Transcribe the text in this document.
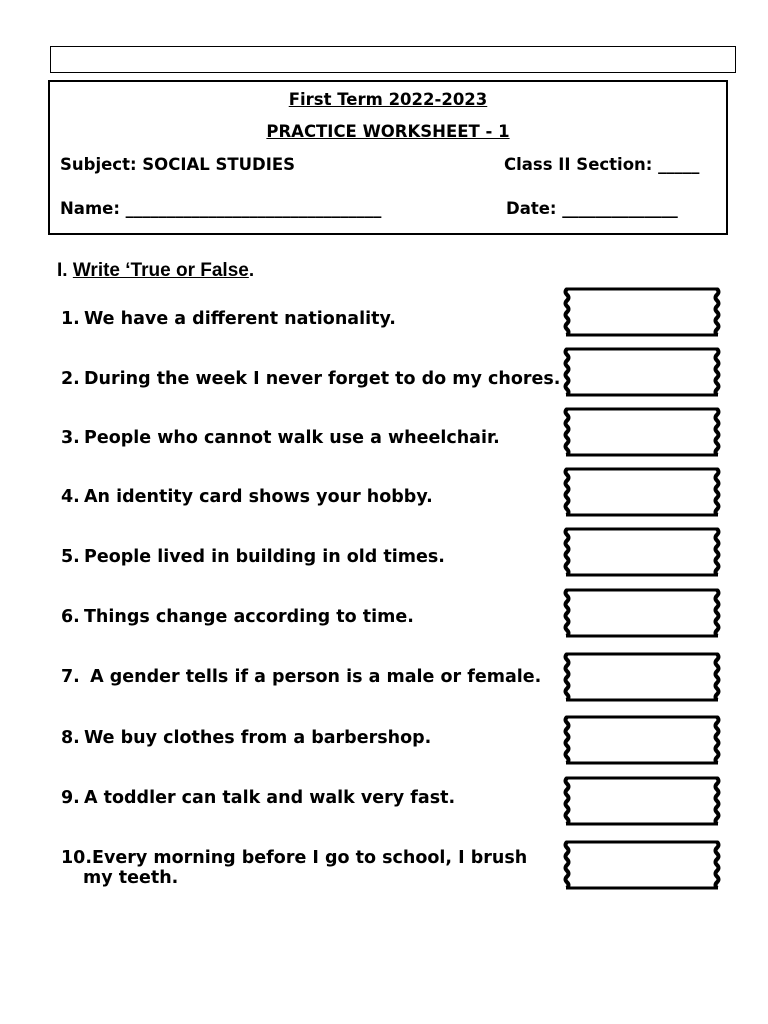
First Term 2022-2023
PRACTICE WORKSHEET - 1
Subject: SOCIAL STUDIES	Class II Section: _____
Name: _______________________________	Date: ______________
I. Write ‘True or False.
1. We have a different nationality.
2. During the week I never forget to do my chores.
3. People who cannot walk use a wheelchair.
4. An identity card shows your hobby.
5. People lived in building in old times.
6. Things change according to time.
7. A gender tells if a person is a male or female.
8. We buy clothes from a barbershop.
9. A toddler can talk and walk very fast.
10.Every morning before I go to school, I brush
my teeth.
